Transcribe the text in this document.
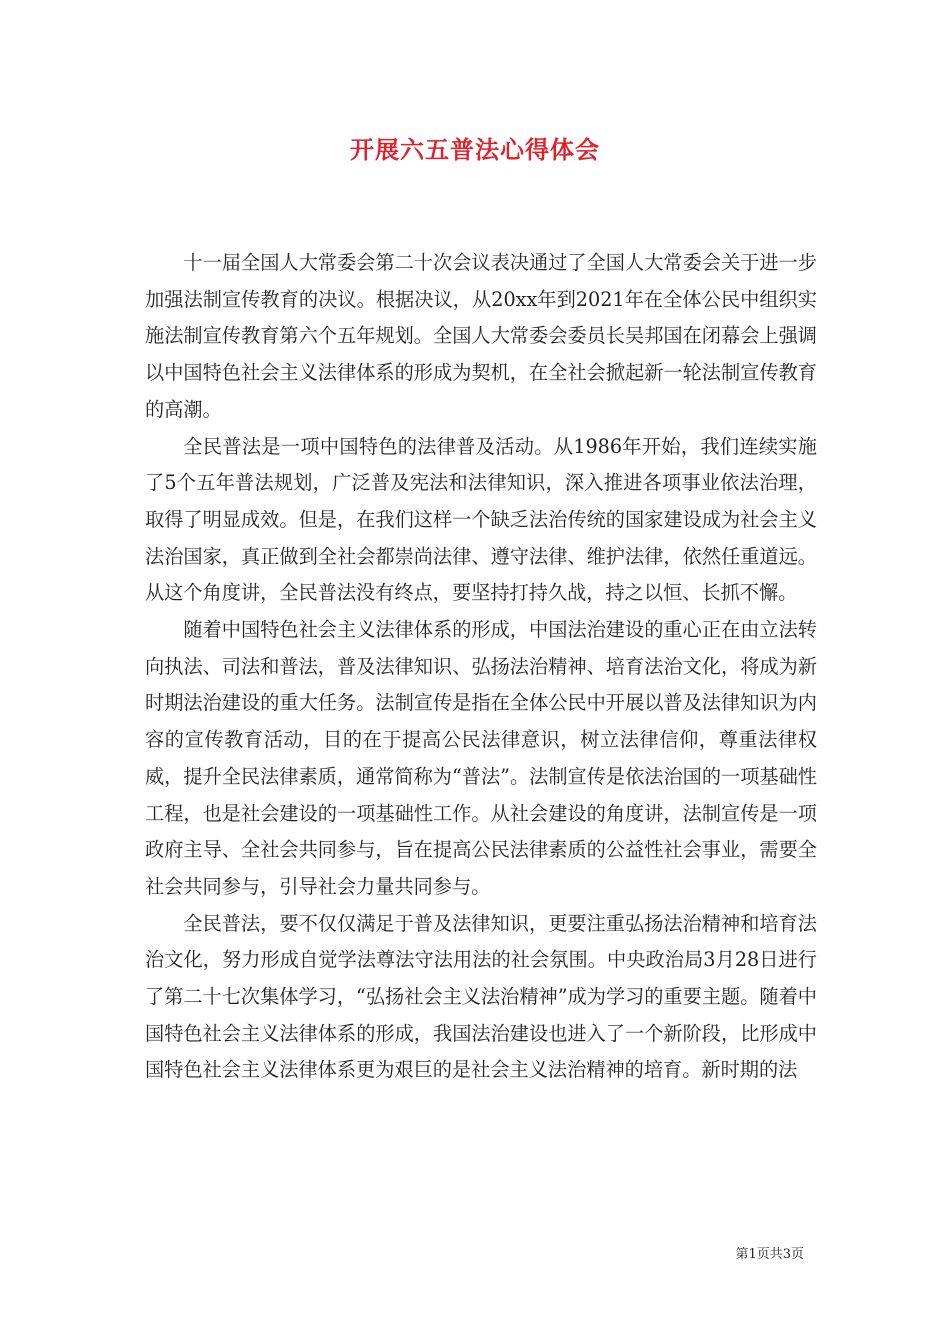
开展六五普法心得体会

十一届全国人大常委会第二十次会议表决通过了全国人大常委会关于进一步加强法制宣传教育的决议。根据决议，从20xx年到2021年在全体公民中组织实施法制宣传教育第六个五年规划。全国人大常委会委员长吴邦国在闭幕会上强调以中国特色社会主义法律体系的形成为契机，在全社会掀起新一轮法制宣传教育的高潮。

全民普法是一项中国特色的法律普及活动。从1986年开始，我们连续实施了5个五年普法规划，广泛普及宪法和法律知识，深入推进各项事业依法治理，取得了明显成效。但是，在我们这样一个缺乏法治传统的国家建设成为社会主义法治国家，真正做到全社会都崇尚法律、遵守法律、维护法律，依然任重道远。从这个角度讲，全民普法没有终点，要坚持打持久战，持之以恒、长抓不懈。

随着中国特色社会主义法律体系的形成，中国法治建设的重心正在由立法转向执法、司法和普法，普及法律知识、弘扬法治精神、培育法治文化，将成为新时期法治建设的重大任务。法制宣传是指在全体公民中开展以普及法律知识为内容的宣传教育活动，目的在于提高公民法律意识，树立法律信仰，尊重法律权威，提升全民法律素质，通常简称为“普法”。法制宣传是依法治国的一项基础性工程，也是社会建设的一项基础性工作。从社会建设的角度讲，法制宣传是一项政府主导、全社会共同参与，旨在提高公民法律素质的公益性社会事业，需要全社会共同参与，引导社会力量共同参与。

全民普法，要不仅仅满足于普及法律知识，更要注重弘扬法治精神和培育法治文化，努力形成自觉学法尊法守法用法的社会氛围。中央政治局3月28日进行了第二十七次集体学习，“弘扬社会主义法治精神”成为学习的重要主题。随着中国特色社会主义法律体系的形成，我国法治建设也进入了一个新阶段，比形成中国特色社会主义法律体系更为艰巨的是社会主义法治精神的培育。新时期的法

第1页共3页
